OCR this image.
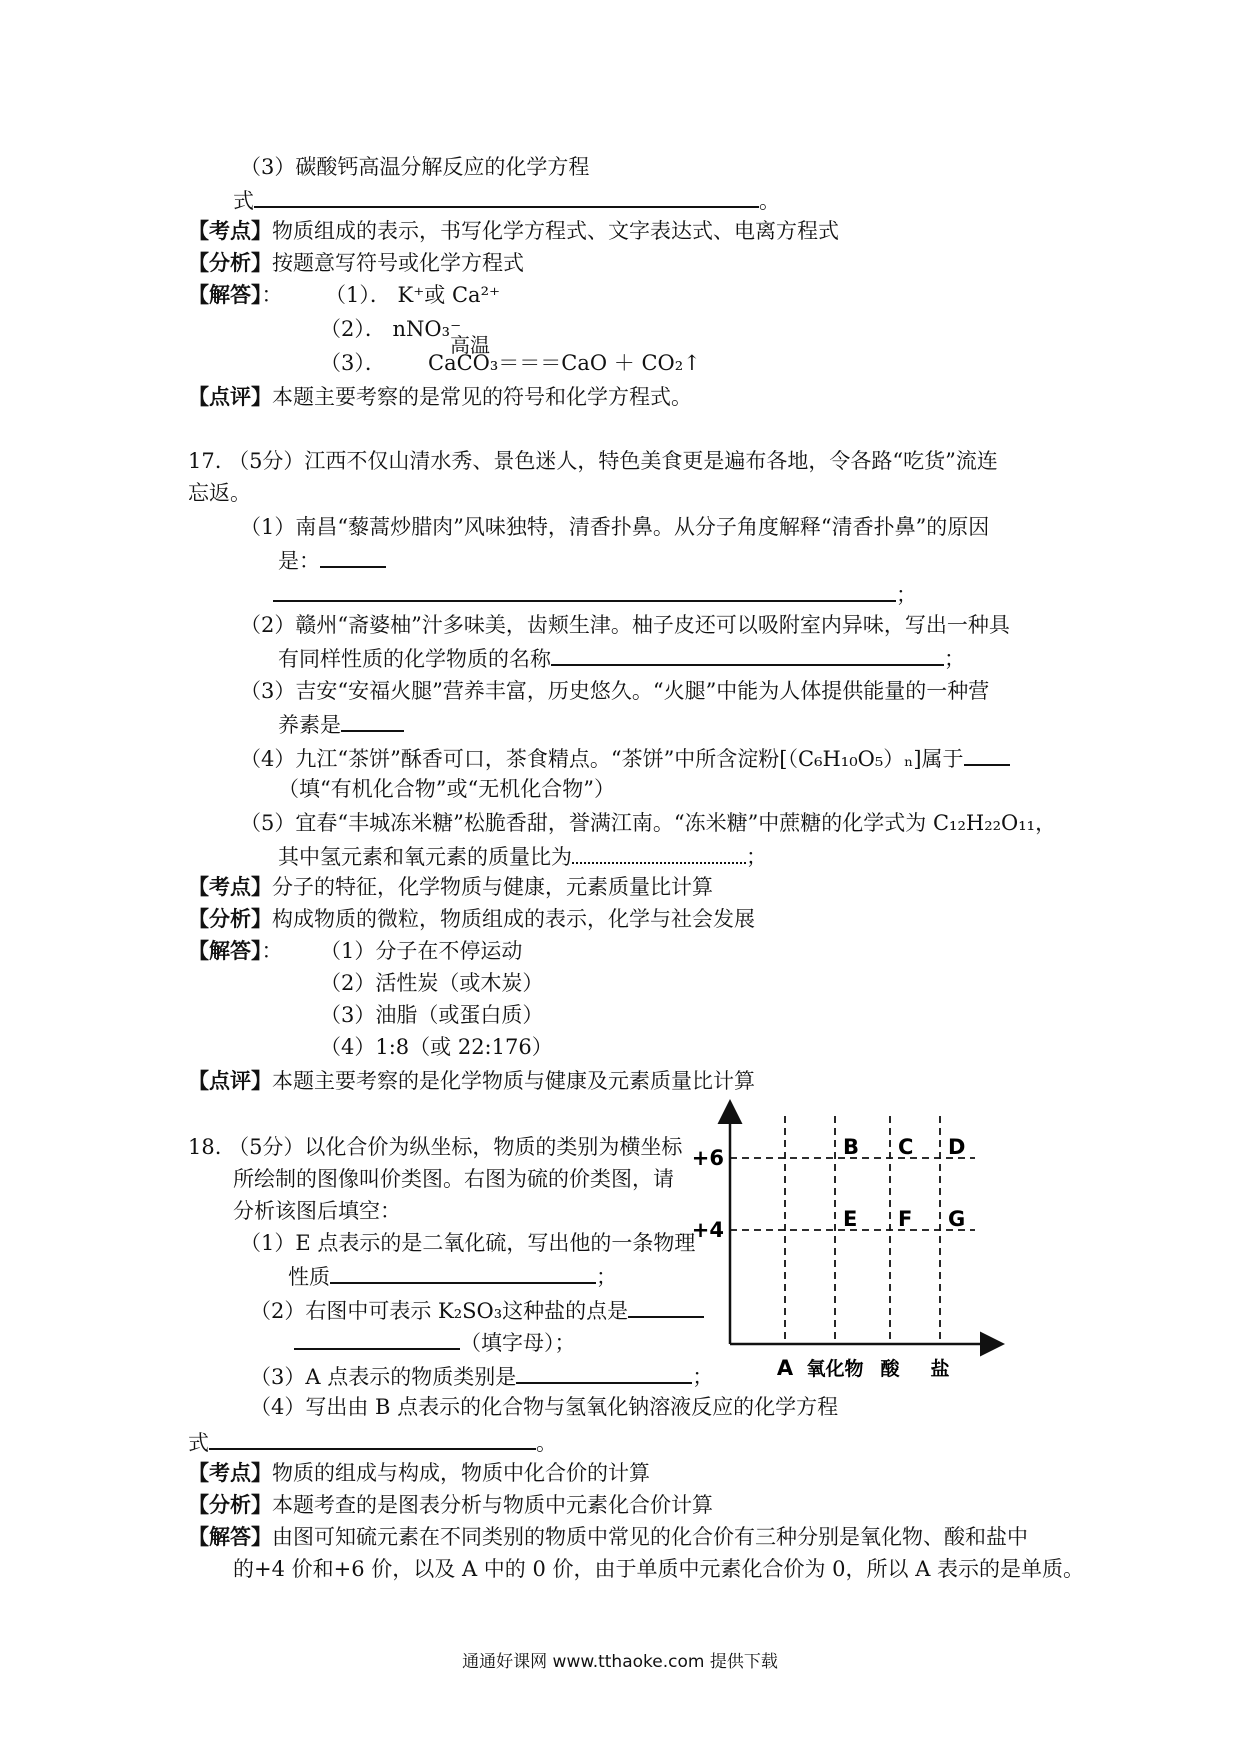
（3）碳酸钙高温分解反应的化学方程
式	。
【考点】物质组成的表示，书写化学方程式、文字表达式、电离方程式
【分析】按题意写符号或化学方程式
【解答】： （1）． K⁺或 Ca²⁺
（2）． nNO₃⁻
高温
（3）． CaCO₃＝＝＝CaO ＋ CO₂↑
【点评】本题主要考察的是常见的符号和化学方程式。
17. （5分）江西不仅山清水秀、景色迷人，特色美食更是遍布各地，令各路“吃货”流连
忘返。
（1）南昌“藜蒿炒腊肉”风味独特，清香扑鼻。从分子角度解释“清香扑鼻”的原因
是：
；
（2）赣州“斋婆柚”汁多味美，齿颊生津。柚子皮还可以吸附室内异味，写出一种具
有同样性质的化学物质的名称	；
（3）吉安“安福火腿”营养丰富，历史悠久。“火腿”中能为人体提供能量的一种营
养素是
（4）九江“茶饼”酥香可口，茶食精点。“茶饼”中所含淀粉[（C₆H₁₀O₅）ₙ]属于
（填“有机化合物”或“无机化合物”）
（5）宜春“丰城冻米糖”松脆香甜，誉满江南。“冻米糖”中蔗糖的化学式为 C₁₂H₂₂O₁₁，
其中氢元素和氧元素的质量比为	；
【考点】分子的特征，化学物质与健康，元素质量比计算
【分析】构成物质的微粒，物质组成的表示，化学与社会发展
【解答】： （1）分子在不停运动
（2）活性炭（或木炭）
（3）油脂（或蛋白质）
（4）1:8（或 22:176）
【点评】本题主要考察的是化学物质与健康及元素质量比计算
18. （5分）以化合价为纵坐标，物质的类别为横坐标
所绘制的图像叫价类图。右图为硫的价类图，请
分析该图后填空：
（1）E 点表示的是二氧化硫，写出他的一条物理
性质	；
（2）右图中可表示 K₂SO₃这种盐的点是
（填字母）；
（3）A 点表示的物质类别是	；
（4）写出由 B 点表示的化合物与氢氧化钠溶液反应的化学方程
式	。
【考点】物质的组成与构成，物质中化合价的计算
【分析】本题考查的是图表分析与物质中元素化合价计算
【解答】由图可知硫元素在不同类别的物质中常见的化合价有三种分别是氧化物、酸和盐中
的+4 价和+6 价，以及 A 中的 0 价，由于单质中元素化合价为 0，所以 A 表示的是单质。
+6
+4
氧化物 酸 盐
A
B C D
E F G
通通好课网 www.tthaoke.com 提供下载
